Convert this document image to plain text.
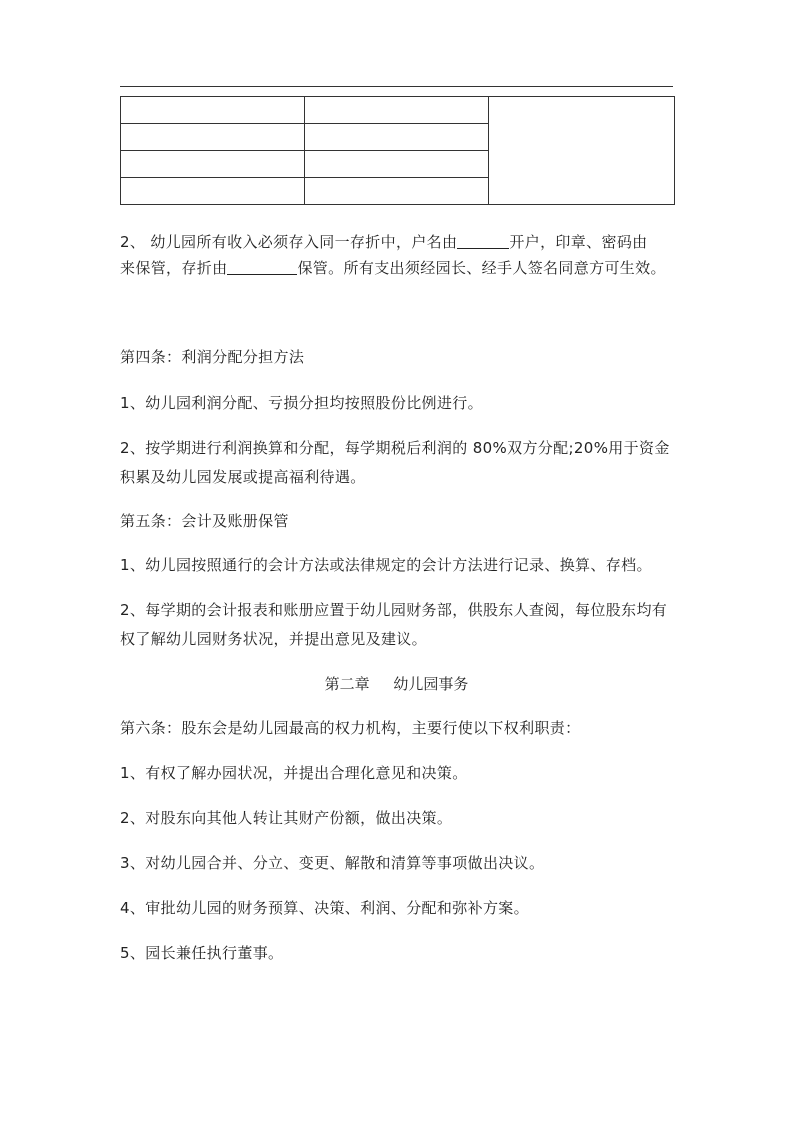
2、 幼儿园所有收入必须存入同一存折中，户名由	开户，印章、密码由
来保管，存折由	保管。所有支出须经园长、经手人签名同意方可生效。
第四条：利润分配分担方法
1、幼儿园利润分配、亏损分担均按照股份比例进行。
2、按学期进行利润换算和分配，每学期税后利润的 80%双方分配;20%用于资金积累及幼儿园发展或提高福利待遇。
第五条：会计及账册保管
1、幼儿园按照通行的会计方法或法律规定的会计方法进行记录、换算、存档。
2、每学期的会计报表和账册应置于幼儿园财务部，供股东人查阅，每位股东均有权了解幼儿园财务状况，并提出意见及建议。
第二章     幼儿园事务
第六条：股东会是幼儿园最高的权力机构，主要行使以下权利职责：
1、有权了解办园状况，并提出合理化意见和决策。
2、对股东向其他人转让其财产份额，做出决策。
3、对幼儿园合并、分立、变更、解散和清算等事项做出决议。
4、审批幼儿园的财务预算、决策、利润、分配和弥补方案。
5、园长兼任执行董事。
